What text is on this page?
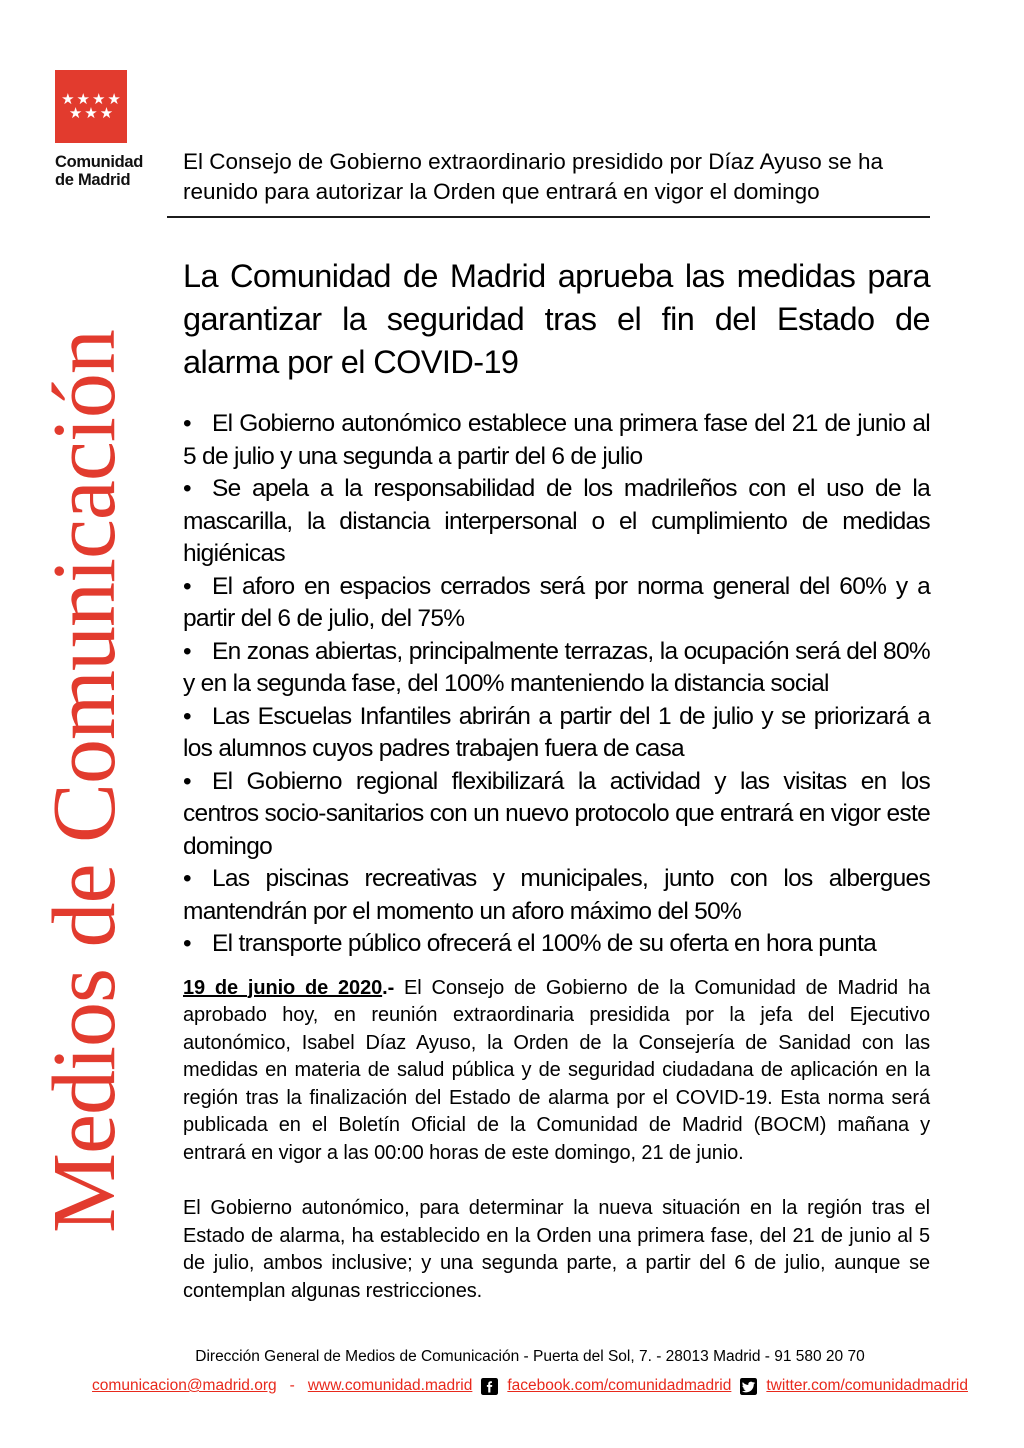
★★★★
★★★
Comunidad
de Madrid
Medios de Comunicación

El Consejo de Gobierno extraordinario presidido por Díaz Ayuso se ha reunido para autorizar la Orden que entrará en vigor el domingo

La Comunidad de Madrid aprueba las medidas para garantizar la seguridad tras el fin del Estado de alarma por el COVID-19

• El Gobierno autonómico establece una primera fase del 21 de junio al 5 de julio y una segunda a partir del 6 de julio

• Se apela a la responsabilidad de los madrileños con el uso de la mascarilla, la distancia interpersonal o el cumplimiento de medidas higiénicas

• El aforo en espacios cerrados será por norma general del 60% y a partir del 6 de julio, del 75%

• En zonas abiertas, principalmente terrazas, la ocupación será del 80% y en la segunda fase, del 100% manteniendo la distancia social

• Las Escuelas Infantiles abrirán a partir del 1 de julio y se priorizará a los alumnos cuyos padres trabajen fuera de casa

• El Gobierno regional flexibilizará la actividad y las visitas en los centros socio-sanitarios con un nuevo protocolo que entrará en vigor este domingo

• Las piscinas recreativas y municipales, junto con los albergues mantendrán por el momento un aforo máximo del 50%

• El transporte público ofrecerá el 100% de su oferta en hora punta

19 de junio de 2020.- El Consejo de Gobierno de la Comunidad de Madrid ha aprobado hoy, en reunión extraordinaria presidida por la jefa del Ejecutivo autonómico, Isabel Díaz Ayuso, la Orden de la Consejería de Sanidad con las medidas en materia de salud pública y de seguridad ciudadana de aplicación en la región tras la finalización del Estado de alarma por el COVID-19. Esta norma será publicada en el Boletín Oficial de la Comunidad de Madrid (BOCM) mañana y entrará en vigor a las 00:00 horas de este domingo, 21 de junio.

El Gobierno autonómico, para determinar la nueva situación en la región tras el Estado de alarma, ha establecido en la Orden una primera fase, del 21 de junio al 5 de julio, ambos inclusive; y una segunda parte, a partir del 6 de julio, aunque se contemplan algunas restricciones.

Dirección General de Medios de Comunicación - Puerta del Sol, 7. - 28013 Madrid - 91 580 20 70
comunicacion@madrid.org - www.comunidad.madrid facebook.com/comunidadmadrid twitter.com/comunidadmadrid
